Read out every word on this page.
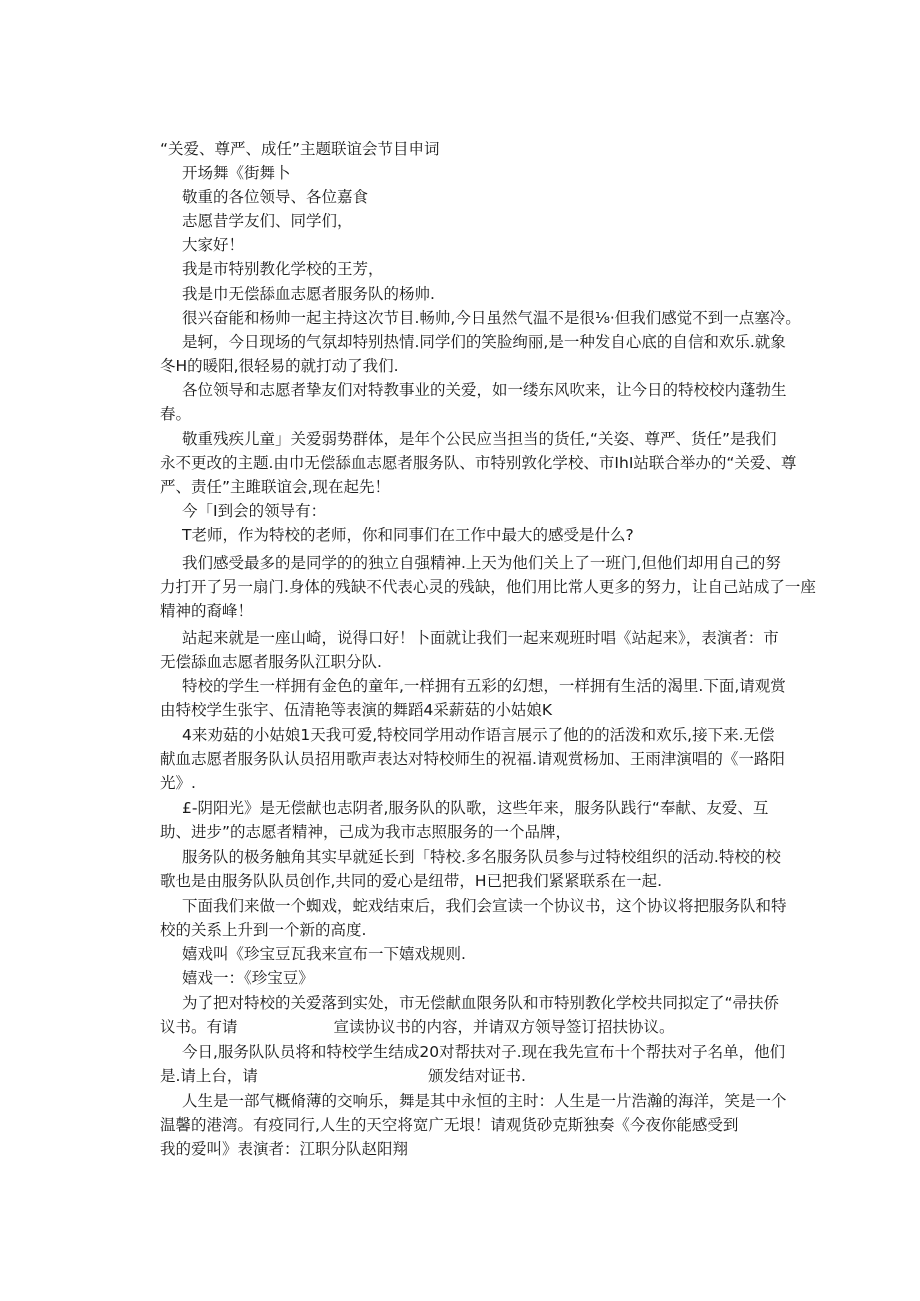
“关爱、尊严、成任”主题联谊会节目申词
开场舞《街舞卜
敬重的各位领导、各位嘉食
志愿昔学友们、同学们，
大家好！
我是市特别教化学校的王芳，
我是巾无偿舔血志愿者服务队的杨帅.
很兴奋能和杨帅一起主持这次节目.畅帅,今日虽然气温不是很⅛·但我们感觉不到一点塞冷。
是轲，今日现场的气氛却特别热情.同学们的笑脸绚丽,是一种发自心底的自信和欢乐.就象
冬H的暖阳,很轻易的就打动了我们.
各位领导和志愿者挚友们对特教事业的关爱，如一缕东风吹来，让今日的特校校内蓬勃生
春。
敬重残疾儿童」关爱弱势群体，是年个公民应当担当的货任,“关姿、尊严、货任”是我们
永不更改的主题.由巾无偿舔血志愿者服务队、市特别敦化学校、市IhI站联合举办的“关爱、尊
严、责任”主雎联谊会,现在起先！
今「I到会的领导有：
T老师，作为特校的老师，你和同事们在工作中最大的感受是什么?
我们感受最多的是同学的的独立自强精神.上天为他们关上了一班门,但他们却用自己的努
力打开了另一扇门.身体的残缺不代表心灵的残缺，他们用比常人更多的努力，让自己站成了一座
精神的裔峰！
站起来就是一座山崎，说得口好！卜面就让我们一起来观班时唱《站起来》，表演者：市
无偿舔血志愿者服务队江职分队.
特校的学生一样拥有金色的童年,一样拥有五彩的幻想，一样拥有生活的渴里.下面,请观赏
由特校学生张宇、伍清艳等表演的舞蹈4采薪菇的小姑娘K
4来劝菇的小姑娘1天我可爱,特校同学用动作语言展示了他的的活泼和欢乐,接下来.无偿
献血志愿者服务队认员招用歌声表达对特校师生的祝福.请观赏杨加、王雨津演唱的《一路阳
光》.
£-阴阳光》是无偿献也志阴者,服务队的队歌，这些年来，服务队践行“奉献、友爱、互
助、进步”的志愿者精神，己成为我市志照服务的一个品牌，
服务队的极务触角其实早就延长到「特校.多名服务队员参与过特校组织的活动.特校的校
歌也是由服务队队员创作,共同的爱心是纽带，H已把我们紧紧联系在一起.
下面我们来做一个蜘戏，蛇戏结束后，我们会宣读一个协议书，这个协议将把服务队和特
校的关系上升到一个新的高度.
嬉戏叫《珍宝豆瓦我来宣布一下嬉戏规则.
嬉戏一：《珍宝豆》
为了把对特校的关爱落到实处，市无偿献血限务队和市特别教化学校共同拟定了“帚扶侨
议书。有请	宣读协议书的内容，并请双方领导签订招扶协议。
今日,服务队队员将和特校学生结成20对帮扶对子.现在我先宣布十个帮扶对子名单，他们
是.请上台，请	颁发结对证书.
人生是一部气概脩薄的交响乐，舞是其中永恒的主时：人生是一片浩瀚的海洋，笑是一个
温馨的港湾。有疫同行,人生的天空将宽广无垠！请观货砂克斯独奏《今夜你能感受到
我的爱叫》表演者：江职分队赵阳翔
